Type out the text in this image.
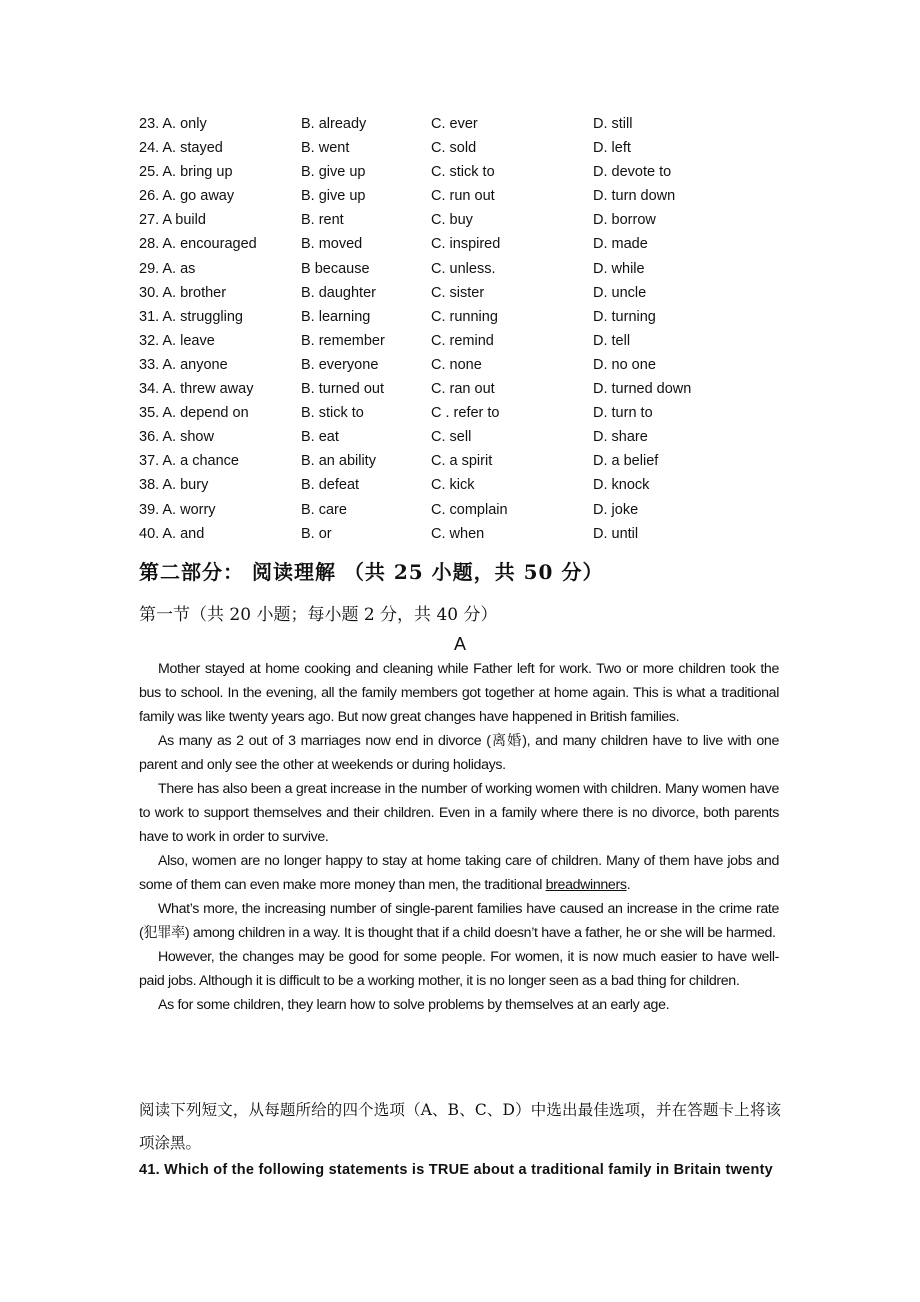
23. A. only	B. already	C. ever	D. still
24. A. stayed	B. went	C. sold	D. left
25. A. bring up	B. give up	C. stick to	D. devote to
26. A. go away	B. give up	C. run out	D. turn down
27. A build	B. rent	C. buy	D. borrow
28. A. encouraged	B. moved	C. inspired	D. made
29. A. as	B because	C. unless.	D. while
30. A. brother	B. daughter	C. sister	D. uncle
31. A. struggling	B. learning	C. running	D. turning
32. A. leave	B. remember	C. remind	D. tell
33. A. anyone	B. everyone	C. none	D. no one
34. A. threw away	B. turned out	C. ran out	D. turned down
35. A. depend on	B. stick to	C . refer to	D. turn to
36. A. show	B. eat	C. sell	D. share
37. A. a chance	B. an ability	C. a spirit	D. a belief
38. A. bury	B. defeat	C. kick	D. knock
39. A. worry	B. care	C. complain	D. joke
40. A. and	B. or	C. when	D. until
第二部分： 阅读理解 （共 25 小题，共 50 分）
第一节（共 20 小题；每小题 2 分，共 40 分）
A

Mother stayed at home cooking and cleaning while Father left for work. Two or more children took the bus to school. In the evening, all the family members got together at home again. This is what a traditional family was like twenty years ago. But now great changes have happened in British families.

As many as 2 out of 3 marriages now end in divorce (离婚), and many children have to live with one parent and only see the other at weekends or during holidays.

There has also been a great increase in the number of working women with children. Many women have to work to support themselves and their children. Even in a family where there is no divorce, both parents have to work in order to survive.

Also, women are no longer happy to stay at home taking care of children. Many of them have jobs and some of them can even make more money than men, the traditional breadwinners.

What’s more, the increasing number of single-parent families have caused an increase in the crime rate (犯罪率) among children in a way. It is thought that if a child doesn’t have a father, he or she will be harmed.

However, the changes may be good for some people. For women, it is now much easier to have well-paid jobs. Although it is difficult to be a working mother, it is no longer seen as a bad thing for children.

As for some children, they learn how to solve problems by themselves at an early age.

阅读下列短文，从每题所给的四个选项（A、B、C、D）中选出最佳选项，并在答题卡上将该项涂黑。
41. Which of the following statements is TRUE about a traditional family in Britain twenty
